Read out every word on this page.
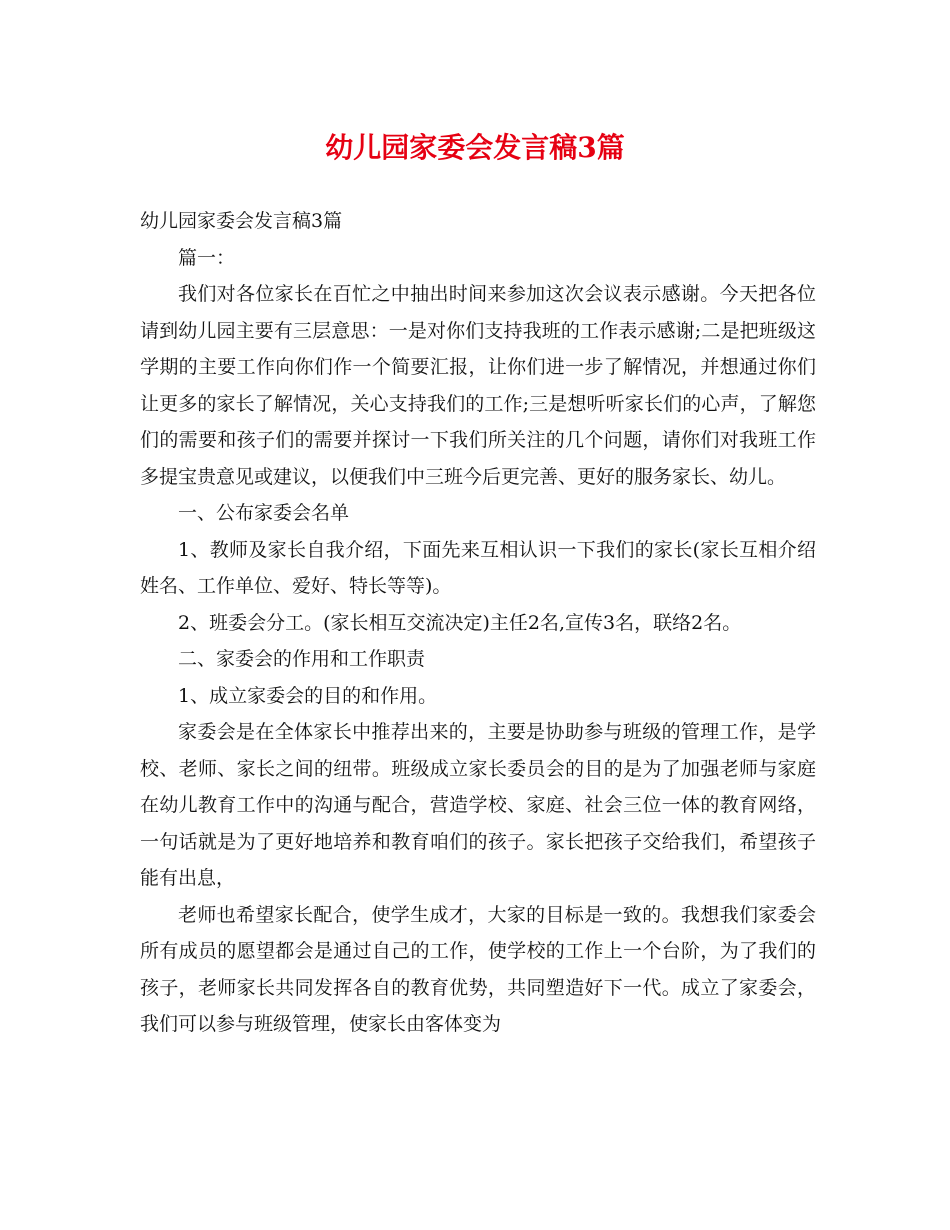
幼儿园家委会发言稿3篇

幼儿园家委会发言稿3篇

篇一：

我们对各位家长在百忙之中抽出时间来参加这次会议表示感谢。今天把各位请到幼儿园主要有三层意思：一是对你们支持我班的工作表示感谢;二是把班级这学期的主要工作向你们作一个简要汇报，让你们进一步了解情况，并想通过你们让更多的家长了解情况，关心支持我们的工作;三是想听听家长们的心声，了解您们的需要和孩子们的需要并探讨一下我们所关注的几个问题，请你们对我班工作多提宝贵意见或建议，以便我们中三班今后更完善、更好的服务家长、幼儿。

一、公布家委会名单

1、教师及家长自我介绍，下面先来互相认识一下我们的家长(家长互相介绍姓名、工作单位、爱好、特长等等)。

2、班委会分工。(家长相互交流决定)主任2名,宣传3名，联络2名。

二、家委会的作用和工作职责

1、成立家委会的目的和作用。

家委会是在全体家长中推荐出来的，主要是协助参与班级的管理工作，是学校、老师、家长之间的纽带。班级成立家长委员会的目的是为了加强老师与家庭在幼儿教育工作中的沟通与配合，营造学校、家庭、社会三位一体的教育网络，一句话就是为了更好地培养和教育咱们的孩子。家长把孩子交给我们，希望孩子能有出息，

老师也希望家长配合，使学生成才，大家的目标是一致的。我想我们家委会所有成员的愿望都会是通过自己的工作，使学校的工作上一个台阶，为了我们的孩子，老师家长共同发挥各自的教育优势，共同塑造好下一代。成立了家委会，我们可以参与班级管理，使家长由客体变为
